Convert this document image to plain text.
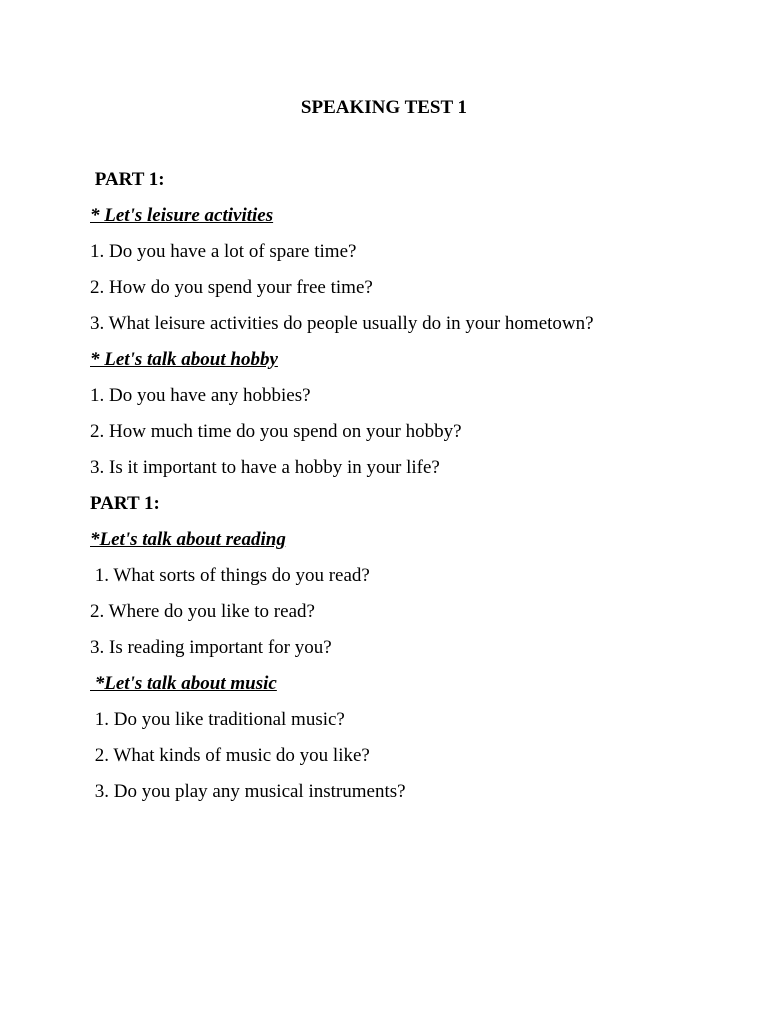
SPEAKING TEST 1

PART 1:

* Let's leisure activities

1. Do you have a lot of spare time?

2. How do you spend your free time?

3. What leisure activities do people usually do in your hometown?

* Let's talk about hobby

1. Do you have any hobbies?

2. How much time do you spend on your hobby?

3. Is it important to have a hobby in your life?

PART 1:

*Let's talk about reading

1. What sorts of things do you read?

2. Where do you like to read?

3. Is reading important for you?

*Let's talk about music

1. Do you like traditional music?

2. What kinds of music do you like?

3. Do you play any musical instruments?
